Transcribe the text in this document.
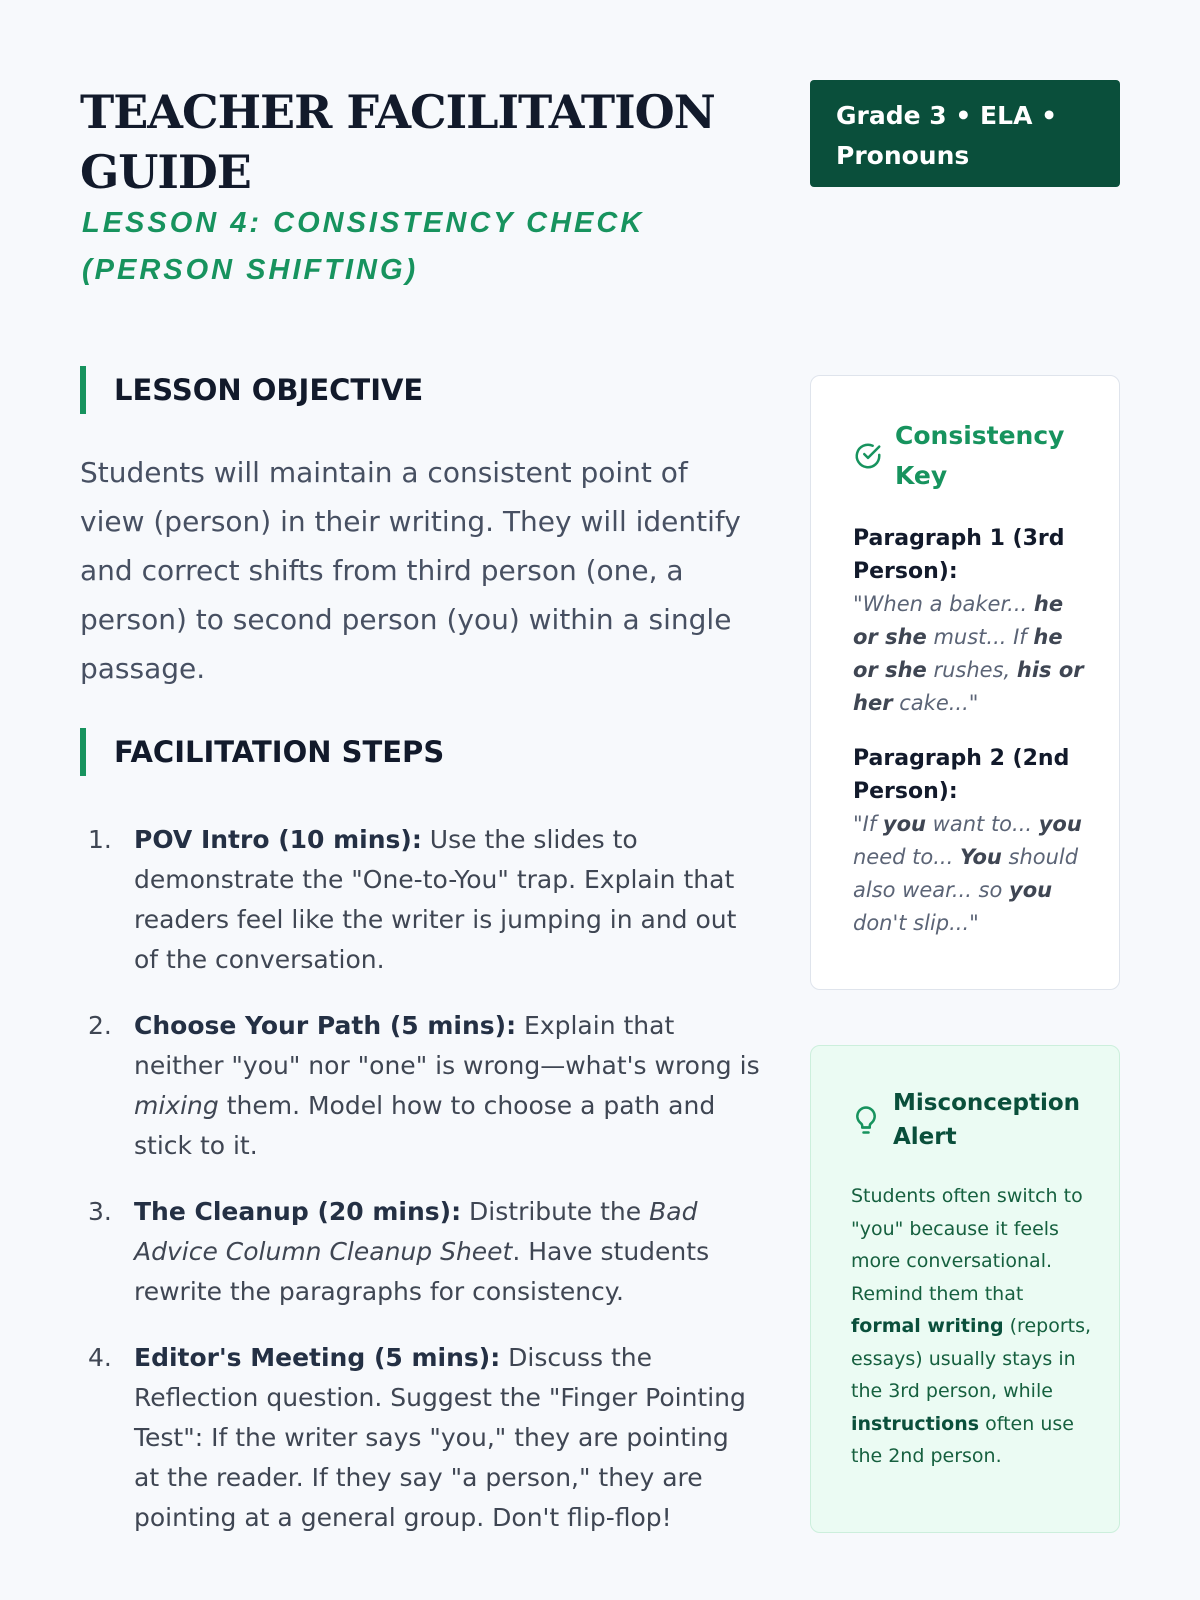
TEACHER FACILITATION GUIDE
LESSON 4: CONSISTENCY CHECK (PERSON SHIFTING)
Grade 3 • ELA • Pronouns
LESSON OBJECTIVE

Students will maintain a consistent point of view (person) in their writing. They will identify and correct shifts from third person (one, a person) to second person (you) within a single passage.

FACILITATION STEPS
1. POV Intro (10 mins): Use the slides to demonstrate the "One-to-You" trap. Explain that readers feel like the writer is jumping in and out of the conversation.
2. Choose Your Path (5 mins): Explain that neither "you" nor "one" is wrong—what's wrong is mixing them. Model how to choose a path and stick to it.
3. The Cleanup (20 mins): Distribute the Bad Advice Column Cleanup Sheet. Have students rewrite the paragraphs for consistency.
4. Editor's Meeting (5 mins): Discuss the Reflection question. Suggest the "Finger Pointing Test": If the writer says "you," they are pointing at the reader. If they say "a person," they are pointing at a general group. Don't flip-flop!
Consistency Key
Paragraph 1 (3rd Person):
"When a baker... he or she must... If he or she rushes, his or her cake..."
Paragraph 2 (2nd Person):
"If you want to... you need to... You should also wear... so you don't slip..."
Misconception Alert

Students often switch to "you" because it feels more conversational. Remind them that formal writing (reports, essays) usually stays in the 3rd person, while instructions often use the 2nd person.
